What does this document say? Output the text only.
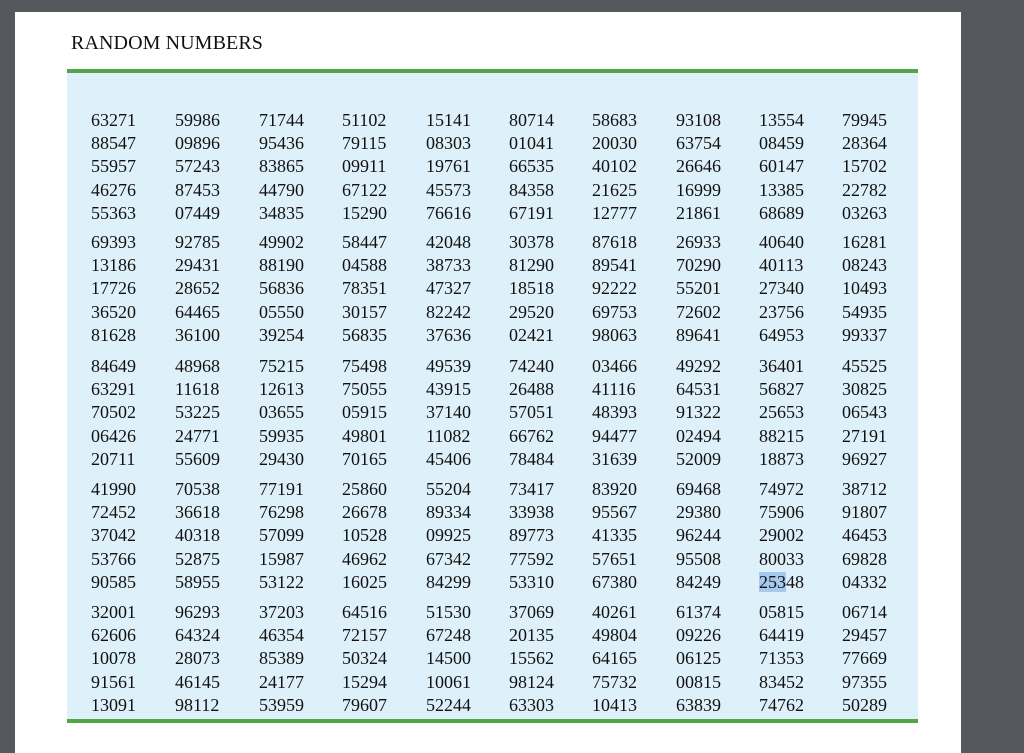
RANDOM NUMBERS
63271 59986 71744 51102 15141 80714 58683 93108 13554 79945
88547 09896 95436 79115 08303 01041 20030 63754 08459 28364
55957 57243 83865 09911 19761 66535 40102 26646 60147 15702
46276 87453 44790 67122 45573 84358 21625 16999 13385 22782
55363 07449 34835 15290 76616 67191 12777 21861 68689 03263
69393 92785 49902 58447 42048 30378 87618 26933 40640 16281
13186 29431 88190 04588 38733 81290 89541 70290 40113 08243
17726 28652 56836 78351 47327 18518 92222 55201 27340 10493
36520 64465 05550 30157 82242 29520 69753 72602 23756 54935
81628 36100 39254 56835 37636 02421 98063 89641 64953 99337
84649 48968 75215 75498 49539 74240 03466 49292 36401 45525
63291 11618 12613 75055 43915 26488 41116 64531 56827 30825
70502 53225 03655 05915 37140 57051 48393 91322 25653 06543
06426 24771 59935 49801 11082 66762 94477 02494 88215 27191
20711 55609 29430 70165 45406 78484 31639 52009 18873 96927
41990 70538 77191 25860 55204 73417 83920 69468 74972 38712
72452 36618 76298 26678 89334 33938 95567 29380 75906 91807
37042 40318 57099 10528 09925 89773 41335 96244 29002 46453
53766 52875 15987 46962 67342 77592 57651 95508 80033 69828
90585 58955 53122 16025 84299 53310 67380 84249 25348 04332
32001 96293 37203 64516 51530 37069 40261 61374 05815 06714
62606 64324 46354 72157 67248 20135 49804 09226 64419 29457
10078 28073 85389 50324 14500 15562 64165 06125 71353 77669
91561 46145 24177 15294 10061 98124 75732 00815 83452 97355
13091 98112 53959 79607 52244 63303 10413 63839 74762 50289
